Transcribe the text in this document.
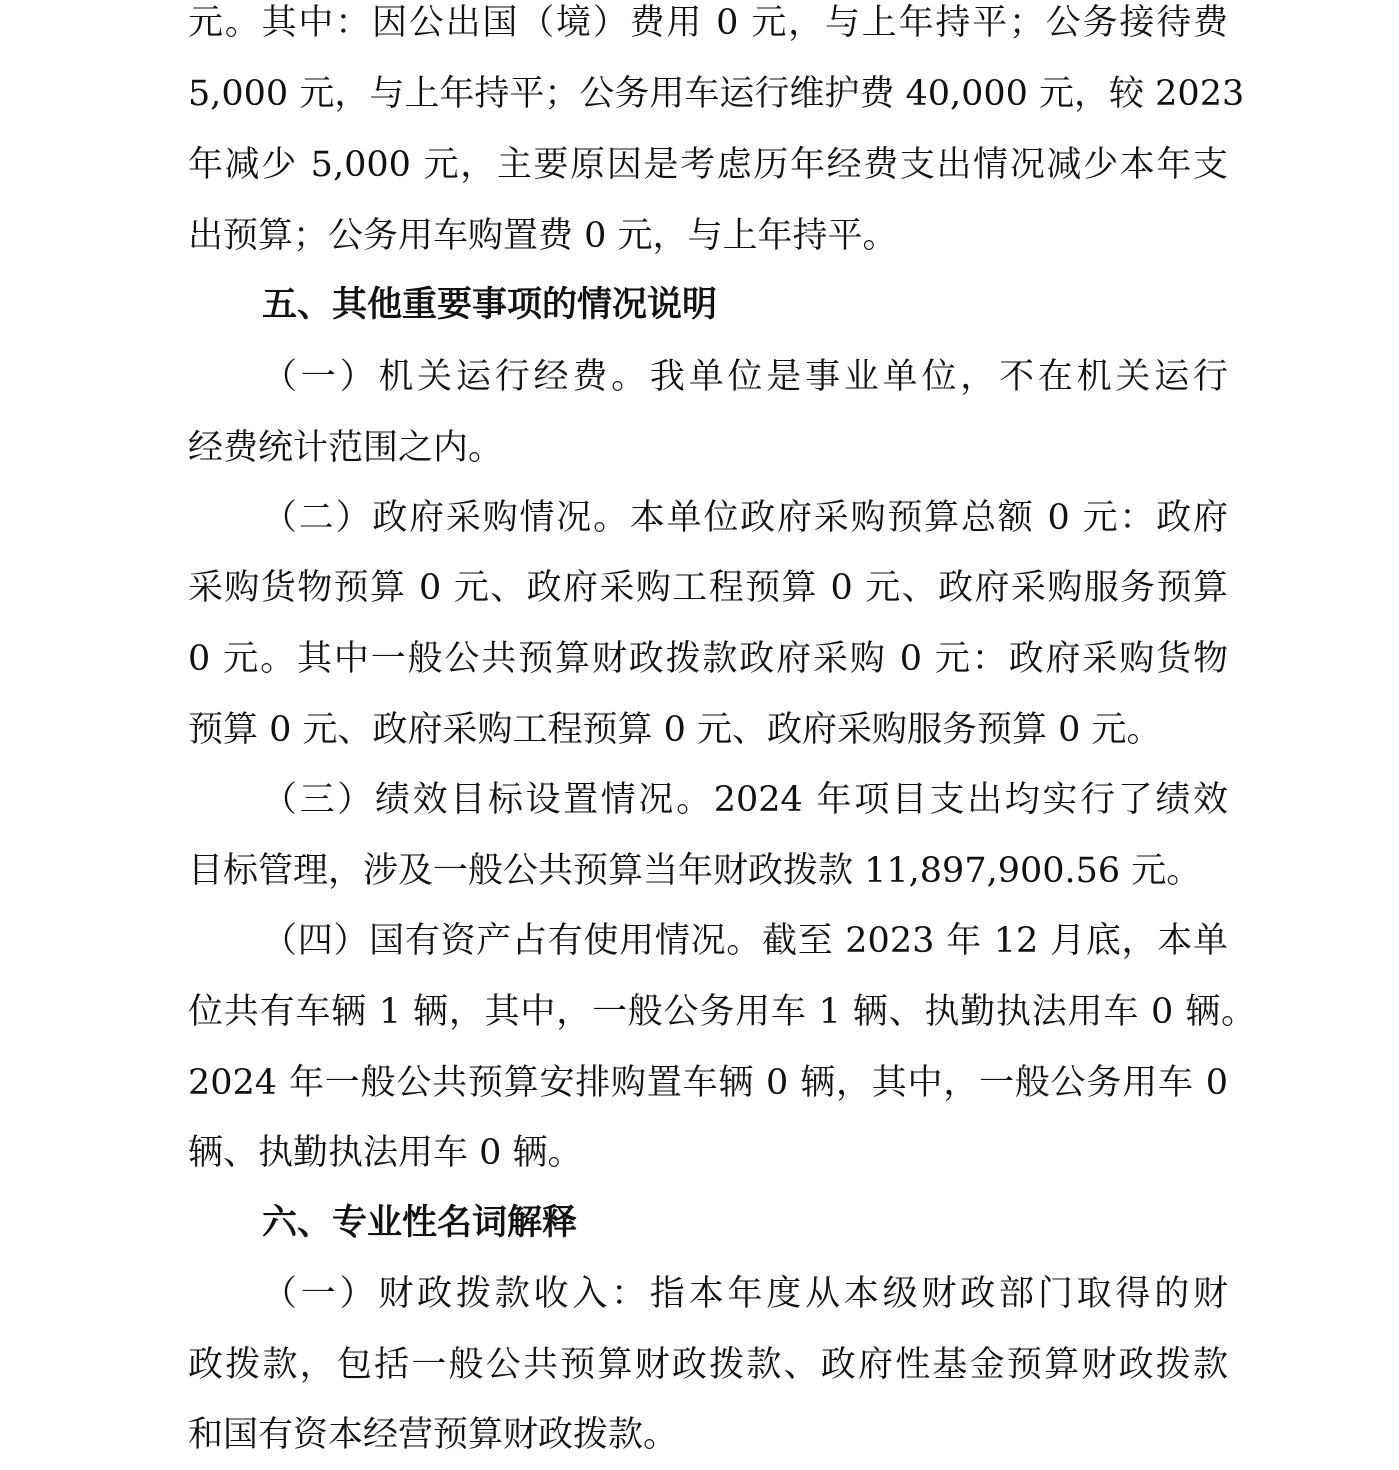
元。其中：因公出国（境）费用 0 元，与上年持平；公务接待费
5,000 元，与上年持平；公务用车运行维护费 40,000 元，较 2023
年减少 5,000 元，主要原因是考虑历年经费支出情况减少本年支
出预算；公务用车购置费 0 元，与上年持平。
五、其他重要事项的情况说明
（一）机关运行经费。我单位是事业单位，不在机关运行
经费统计范围之内。
（二）政府采购情况。本单位政府采购预算总额 0 元：政府
采购货物预算 0 元、政府采购工程预算 0 元、政府采购服务预算
0 元。其中一般公共预算财政拨款政府采购 0 元：政府采购货物
预算 0 元、政府采购工程预算 0 元、政府采购服务预算 0 元。
（三）绩效目标设置情况。2024 年项目支出均实行了绩效
目标管理，涉及一般公共预算当年财政拨款 11,897,900.56 元。
（四）国有资产占有使用情况。截至 2023 年 12 月底，本单
位共有车辆 1 辆，其中，一般公务用车 1 辆、执勤执法用车 0 辆。
2024 年一般公共预算安排购置车辆 0 辆，其中，一般公务用车 0
辆、执勤执法用车 0 辆。
六、专业性名词解释
（一）财政拨款收入：指本年度从本级财政部门取得的财
政拨款，包括一般公共预算财政拨款、政府性基金预算财政拨款
和国有资本经营预算财政拨款。
